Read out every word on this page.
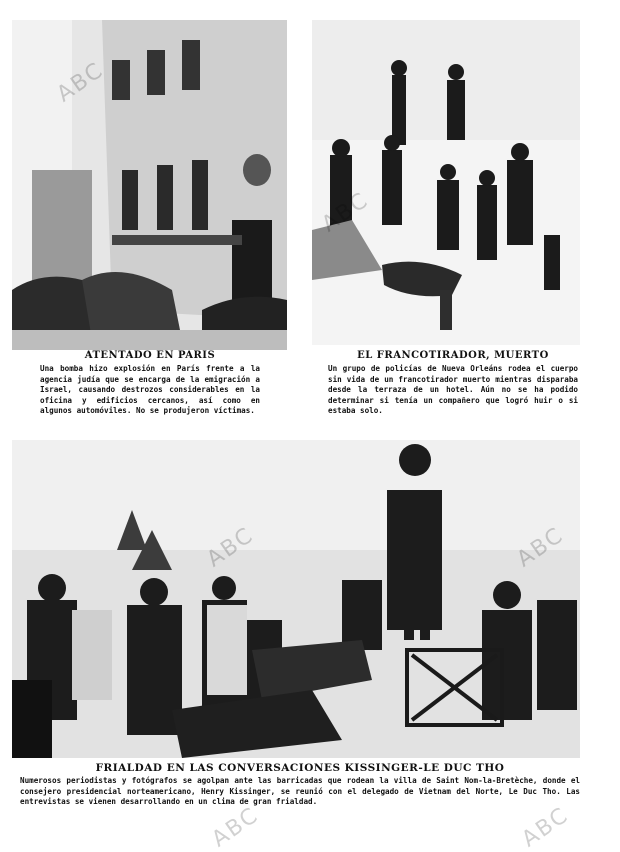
ATENTADO EN PARIS
Una bomba hizo explosión en París frente a la agencia judía que se encarga de la emigración a Israel, causando destrozos considerables en la oficina y edificios cercanos, así como en algunos automóviles. No se produjeron víctimas.
EL FRANCOTIRADOR, MUERTO
Un grupo de policías de Nueva Orleáns rodea el cuerpo sin vida de un francotirador muerto mientras disparaba desde la terraza de un hotel. Aún no se ha podido determinar si tenía un compañero que logró huir o si estaba solo.
FRIALDAD EN LAS CONVERSACIONES KISSINGER-LE DUC THO
Numerosos periodistas y fotógrafos se agolpan ante las barricadas que rodean la villa de Saint Nom-la-Bretèche, donde el consejero presidencial norteamericano, Henry Kissinger, se reunió con el delegado de Vietnam del Norte, Le Duc Tho. Las entrevistas se vienen desarrollando en un clima de gran frialdad.
ABC	ABC
